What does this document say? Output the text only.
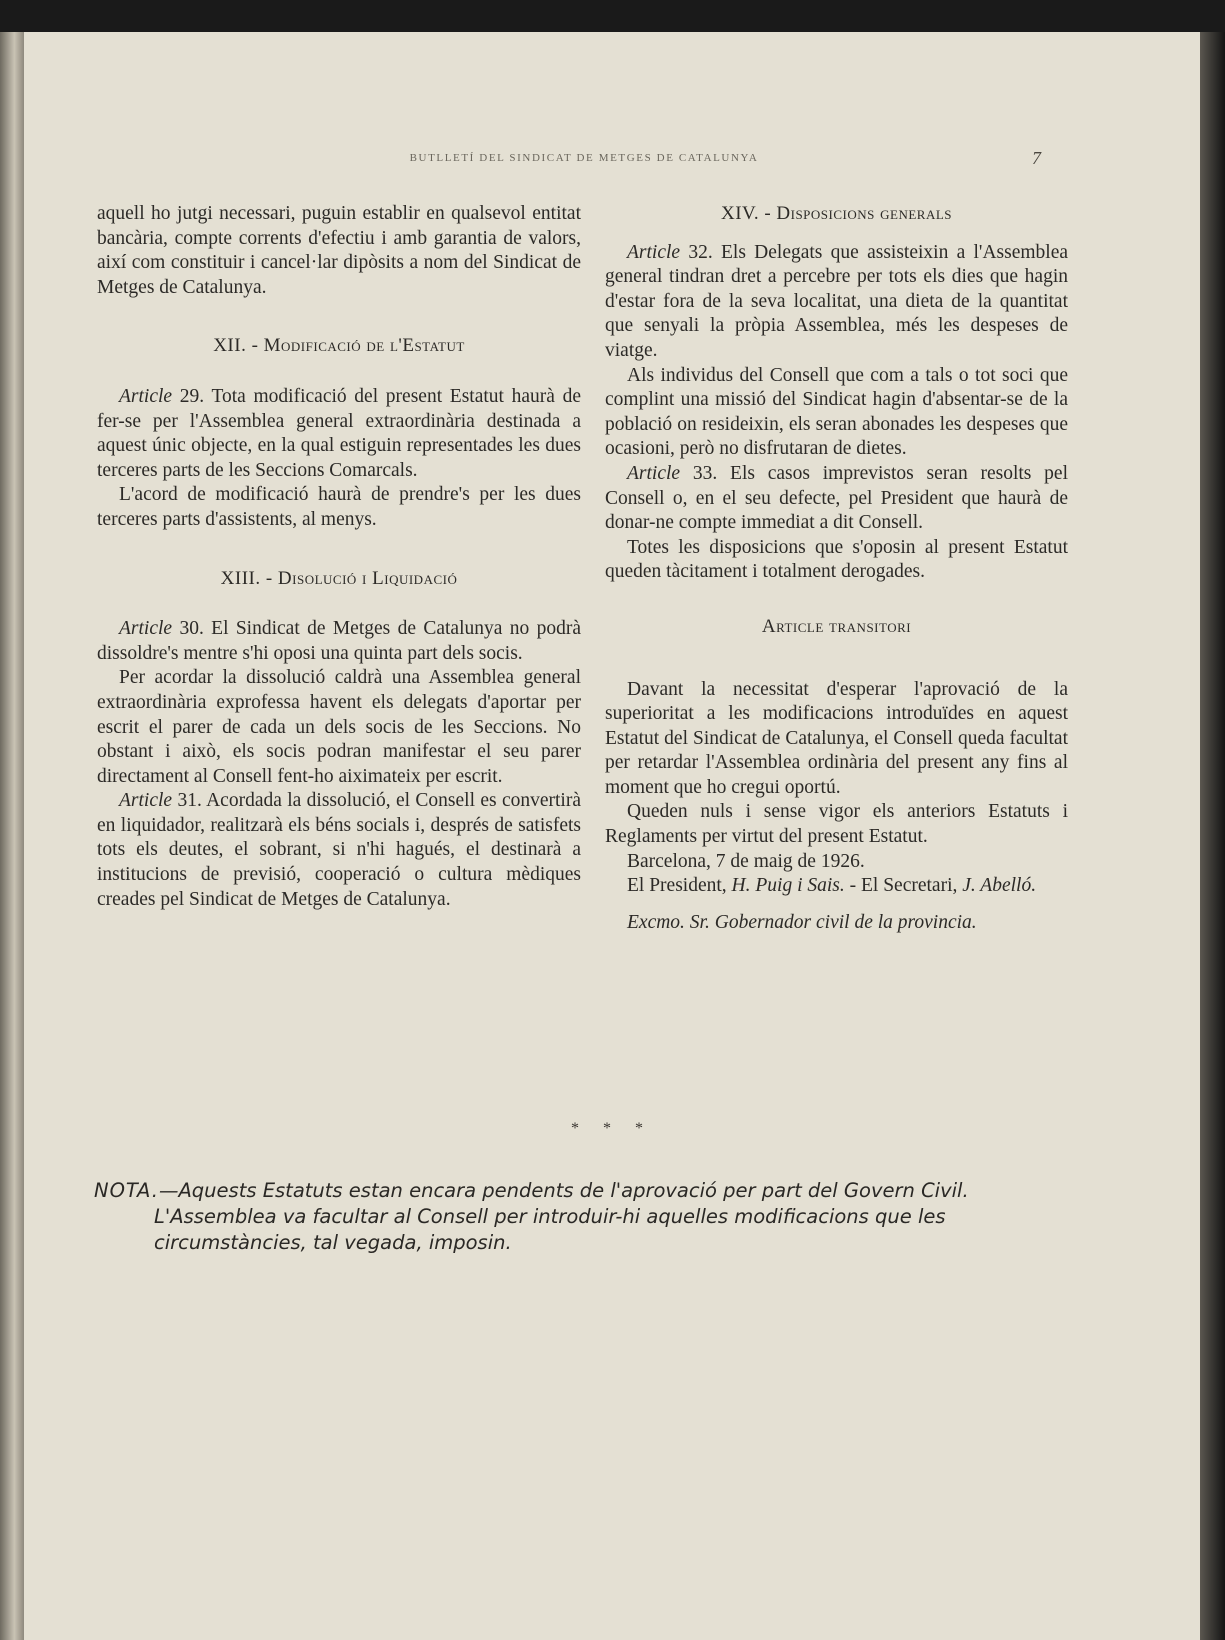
BUTLLETÍ DEL SINDICAT DE METGES DE CATALUNYA	7

aquell ho jutgi necessari, puguin establir en qualsevol entitat bancària, compte corrents d'efectiu i amb garantia de valors, així com constituir i cancel·lar dipòsits a nom del Sindicat de Metges de Catalunya.

XII. - Modificació de l'Estatut

Article 29. Tota modificació del present Estatut haurà de fer-se per l'Assemblea general extraordinària destinada a aquest únic objecte, en la qual estiguin representades les dues terceres parts de les Seccions Comarcals.

L'acord de modificació haurà de prendre's per les dues terceres parts d'assistents, al menys.

XIII. - Disolució i Liquidació

Article 30. El Sindicat de Metges de Catalunya no podrà dissoldre's mentre s'hi oposi una quinta part dels socis.

Per acordar la dissolució caldrà una Assemblea general extraordinària exprofessa havent els delegats d'aportar per escrit el parer de cada un dels socis de les Seccions. No obstant i això, els socis podran manifestar el seu parer directament al Consell fent-ho aiximateix per escrit.

Article 31. Acordada la dissolució, el Consell es convertirà en liquidador, realitzarà els béns socials i, després de satisfets tots els deutes, el sobrant, si n'hi hagués, el destinarà a institucions de previsió, cooperació o cultura mèdiques creades pel Sindicat de Metges de Catalunya.

XIV. - Disposicions generals

Article 32. Els Delegats que assisteixin a l'Assemblea general tindran dret a percebre per tots els dies que hagin d'estar fora de la seva localitat, una dieta de la quantitat que senyali la pròpia Assemblea, més les despeses de viatge.

Als individus del Consell que com a tals o tot soci que complint una missió del Sindicat hagin d'absentar-se de la població on resideixin, els seran abonades les despeses que ocasioni, però no disfrutaran de dietes.

Article 33. Els casos imprevistos seran resolts pel Consell o, en el seu defecte, pel President que haurà de donar-ne compte immediat a dit Consell.

Totes les disposicions que s'oposin al present Estatut queden tàcitament i totalment derogades.

Article transitori

Davant la necessitat d'esperar l'aprovació de la superioritat a les modificacions introduïdes en aquest Estatut del Sindicat de Catalunya, el Consell queda facultat per retardar l'Assemblea ordinària del present any fins al moment que ho cregui oportú.

Queden nuls i sense vigor els anteriors Estatuts i Reglaments per virtut del present Estatut.

Barcelona, 7 de maig de 1926.

El President, H. Puig i Sais. - El Secretari, J. Abelló.

Excmo. Sr. Gobernador civil de la provincia.

* * *
NOTA.—Aquests Estatuts estan encara pendents de l'aprovació per part del Govern Civil.
L'Assemblea va facultar al Consell per introduir-hi aquelles modificacions que les circumstàncies, tal vegada, imposin.
